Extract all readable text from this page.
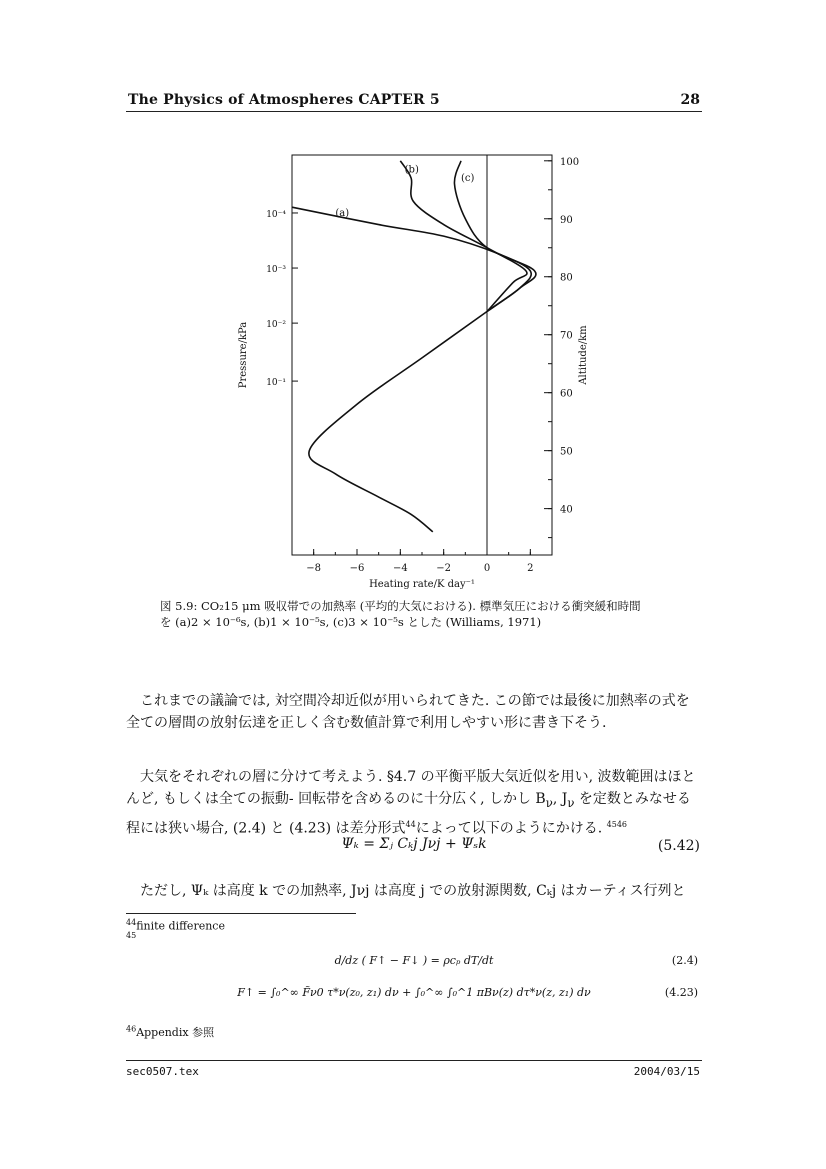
The Physics of Atmospheres CAPTER 5	28
−8	−6	−4	−2	0	2
Heating rate/K day⁻¹
100
90
80
70
60
50
40
Altitude/km
10⁻⁴
10⁻³
10⁻²
10⁻¹
Pressure/kPa
(a)
(b)
(c)
図 5.9: CO₂15 μm 吸収帯での加熱率 (平均的大気における). 標準気圧における衝突緩和時間
を (a)2 × 10⁻⁶s, (b)1 × 10⁻⁵s, (c)3 × 10⁻⁵s とした (Williams, 1971)
これまでの議論では, 対空間冷却近似が用いられてきた. この節では最後に加熱率の式を全ての層間の放射伝達を正しく含む数値計算で利用しやすい形に書き下そう.
大気をそれぞれの層に分けて考えよう. §4.7 の平衡平版大気近似を用い, 波数範囲はほとんど, もしくは全ての振動- 回転帯を含めるのに十分広く, しかし $B_\nu$, $J_\nu$ を定数とみなせる程には狭い場合, (2.4) と (4.23) は差分形式$^{44}$によって以下のようにかける. $^{4546}$
Ψₖ = Σⱼ Cₖj Jνj + Ψₛk	(5.42)
ただし, Ψₖ は高度 k での加熱率, Jνj は高度 j での放射源関数, Cₖj はカーティス行列と
$^{44}$finite difference
$^{45}$
d/dz ( F↑ − F↓ ) = ρcₚ dT/dt	(2.4)
F↑ = ∫₀^∞ F̃ν0 τ*ν(z₀, z₁) dν + ∫₀^∞ ∫₀^1 πBν(z) dτ*ν(z, z₁) dν	(4.23)
$^{46}$Appendix 参照
sec0507.tex	2004/03/15
